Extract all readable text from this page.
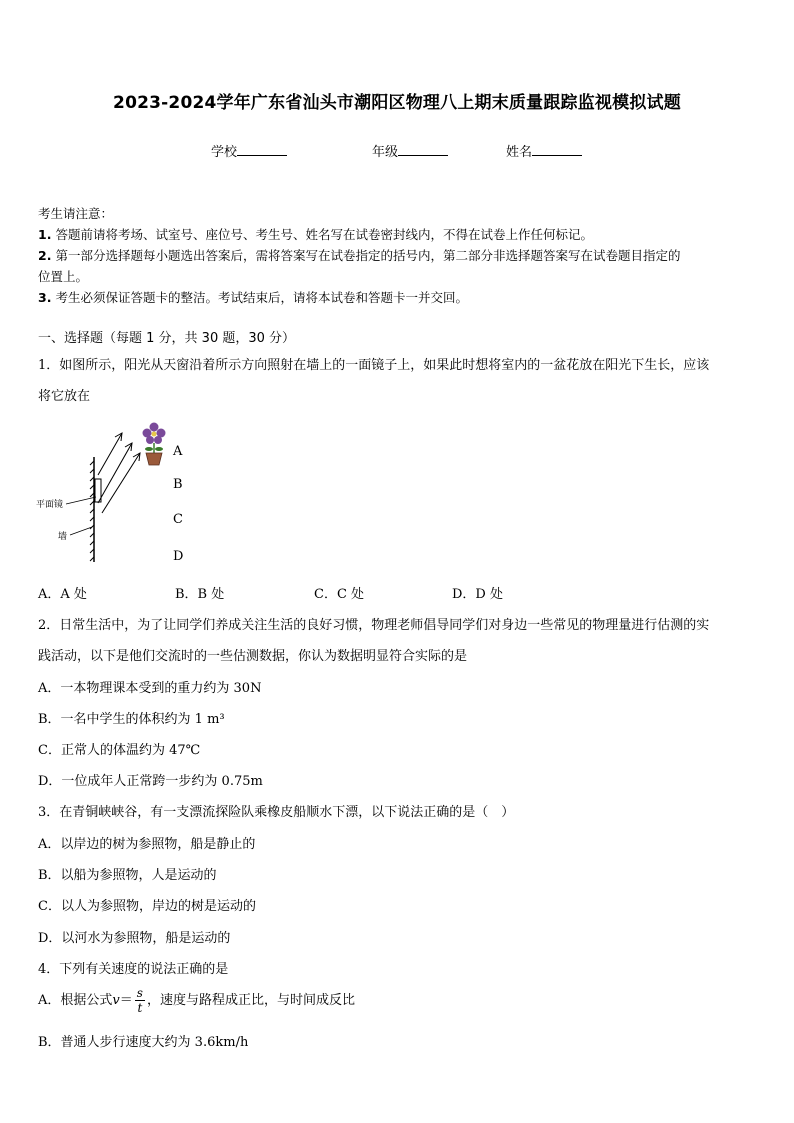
2023-2024学年广东省汕头市潮阳区物理八上期末质量跟踪监视模拟试题
学校	年级	姓名
考生请注意：
1. 答题前请将考场、试室号、座位号、考生号、姓名写在试卷密封线内，不得在试卷上作任何标记。
2. 第一部分选择题每小题选出答案后，需将答案写在试卷指定的括号内，第二部分非选择题答案写在试卷题目指定的
位置上。
3. 考生必须保证答题卡的整洁。考试结束后，请将本试卷和答题卡一并交回。
一、选择题（每题 1 分，共 30 题，30 分）
1．如图所示，阳光从天窗沿着所示方向照射在墙上的一面镜子上，如果此时想将室内的一盆花放在阳光下生长，应该
将它放在
平面镜
墙
A
B
C
D
A．A 处	B．B 处	C．C 处	D．D 处
2．日常生活中，为了让同学们养成关注生活的良好习惯，物理老师倡导同学们对身边一些常见的物理量进行估测的实
践活动，以下是他们交流时的一些估测数据，你认为数据明显符合实际的是
A．一本物理课本受到的重力约为 30N
B．一名中学生的体积约为 1 m³
C．正常人的体温约为 47℃
D．一位成年人正常跨一步约为 0.75m
3．在青铜峡峡谷，有一支漂流探险队乘橡皮船顺水下漂，以下说法正确的是（　）
A．以岸边的树为参照物，船是静止的
B．以船为参照物，人是运动的
C．以人为参照物，岸边的树是运动的
D．以河水为参照物，船是运动的
4．下列有关速度的说法正确的是
A．根据公式$v= \frac{s}{t}$ ，速度与路程成正比，与时间成反比
B．普通人步行速度大约为 3.6km/h
